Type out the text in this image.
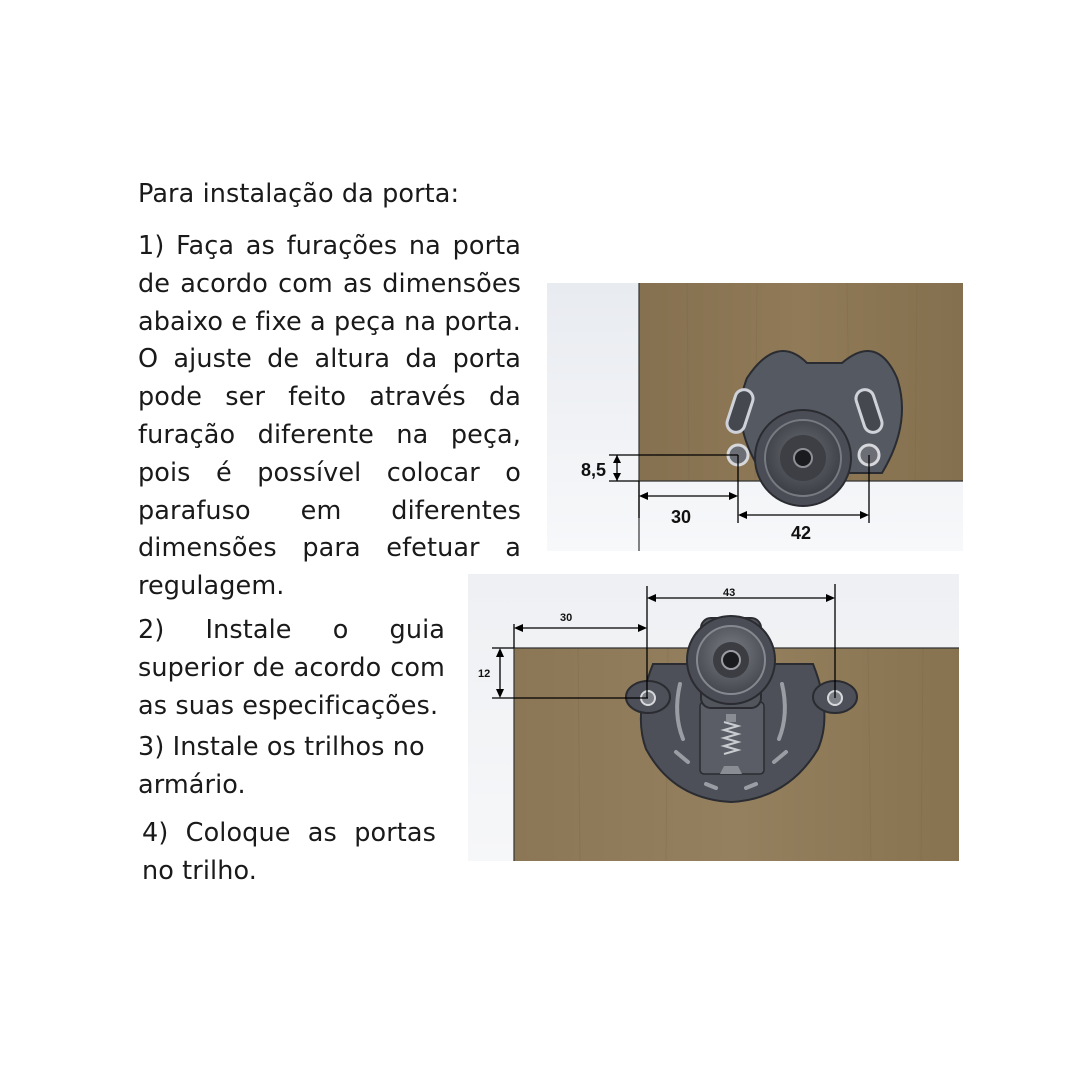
Para instalação da porta:

1) Faça as furações na porta de acordo com as dimensões abaixo e fixe a peça na porta. O ajuste de altura da porta pode ser feito através da furação diferente na peça, pois é possível colocar o parafuso em diferentes dimensões para efetuar a regulagem.

2) Instale o guia superior de acordo com as suas especificações.

3) Instale os trilhos no armário.

4) Coloque as portas no trilho.

8,5
30
42
43
30
12
